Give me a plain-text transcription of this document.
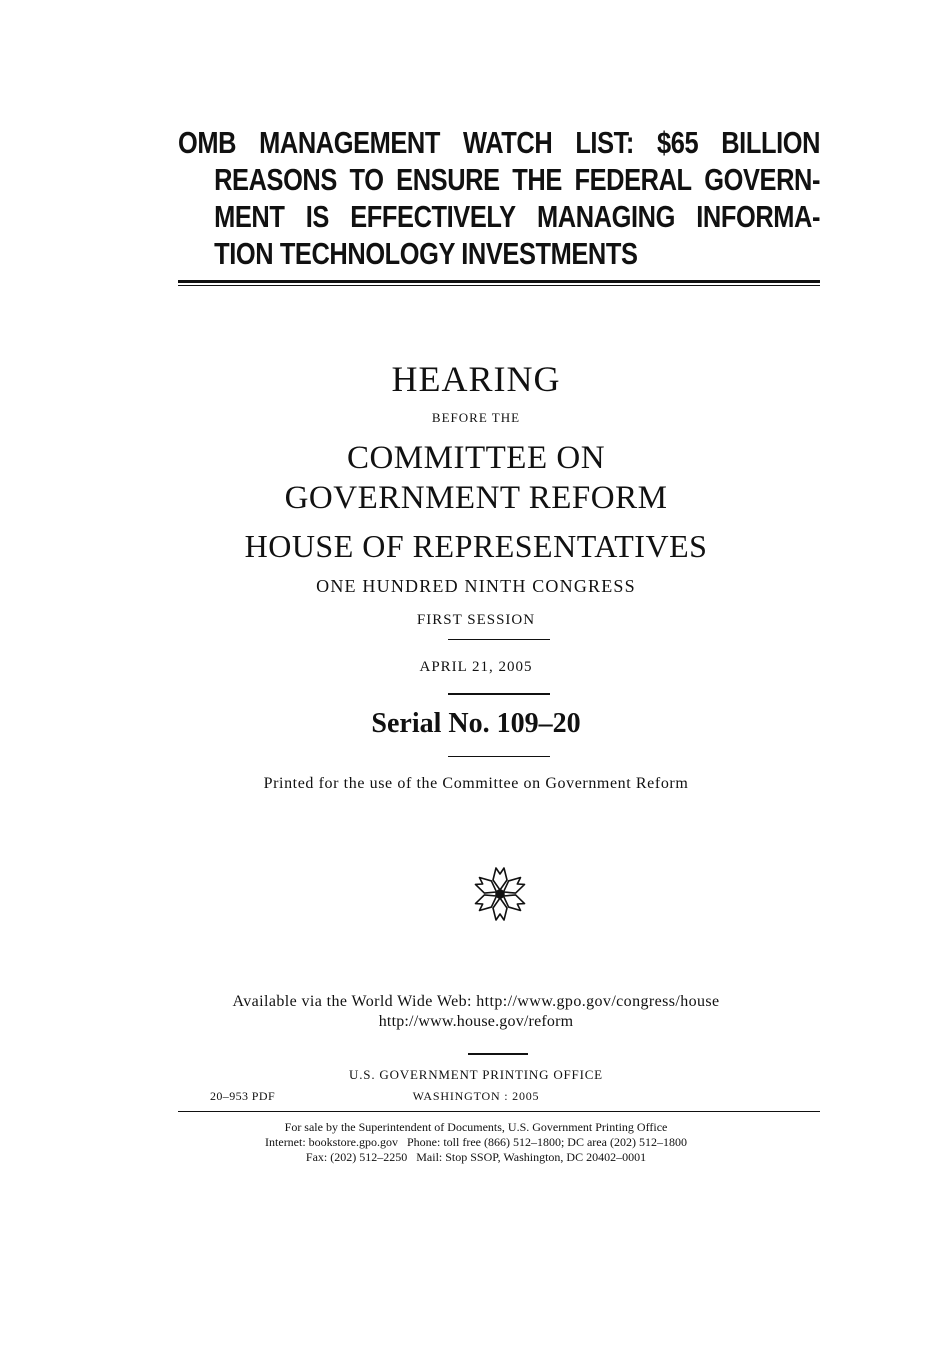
OMB MANAGEMENT WATCH LIST: $65 BILLION
REASONS TO ENSURE THE FEDERAL GOVERN-
MENT IS EFFECTIVELY MANAGING INFORMA-
TION TECHNOLOGY INVESTMENTS
HEARING
BEFORE THE
COMMITTEE ON
GOVERNMENT REFORM
HOUSE OF REPRESENTATIVES
ONE HUNDRED NINTH CONGRESS
FIRST SESSION
APRIL 21, 2005
Serial No. 109–20
Printed for the use of the Committee on Government Reform
Available via the World Wide Web: http://www.gpo.gov/congress/house
http://www.house.gov/reform
U.S. GOVERNMENT PRINTING OFFICE
20–953 PDF	WASHINGTON : 2005
For sale by the Superintendent of Documents, U.S. Government Printing Office
Internet: bookstore.gpo.gov   Phone: toll free (866) 512–1800; DC area (202) 512–1800
Fax: (202) 512–2250   Mail: Stop SSOP, Washington, DC 20402–0001
